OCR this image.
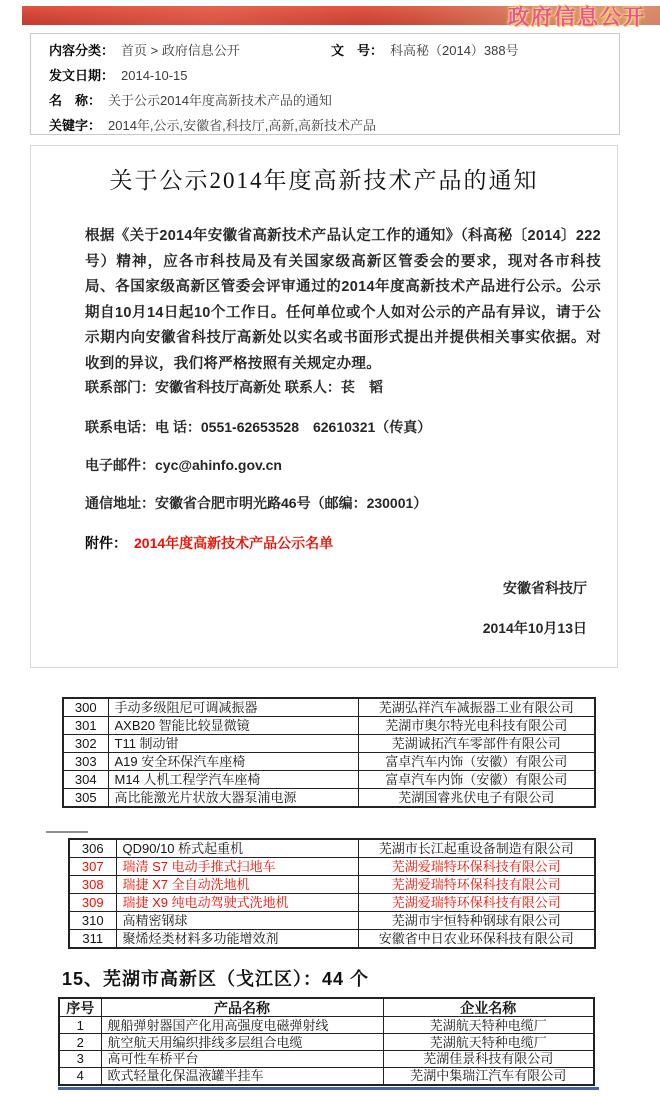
政府信息公开
内容分类： 首页 > 政府信息公开	文　号： 科高秘（2014）388号
发文日期： 2014-10-15
名　称： 关于公示2014年度高新技术产品的通知
关键字： 2014年,公示,安徽省,科技厅,高新,高新技术产品
关于公示2014年度高新技术产品的通知

根据《关于2014年安徽省高新技术产品认定工作的通知》（科高秘〔2014〕222号）精神，应各市科技局及有关国家级高新区管委会的要求，现对各市科技局、各国家级高新区管委会评审通过的2014年度高新技术产品进行公示。公示期自10月14日起10个工作日。任何单位或个人如对公示的产品有异议，请于公示期内向安徽省科技厅高新处以实名或书面形式提出并提供相关事实依据。对收到的异议，我们将严格按照有关规定办理。

联系部门：安徽省科技厅高新处 联系人：苌　韬
联系电话：电 话：0551-62653528　62610321（传真）
电子邮件：cyc@ahinfo.gov.cn
通信地址：安徽省合肥市明光路46号（邮编：230001）
附件： 2014年度高新技术产品公示名单
安徽省科技厅
2014年10月13日
300	手动多级阻尼可调减振器	芜湖弘祥汽车减振器工业有限公司
301	AXB20 智能比较显微镜	芜湖市奥尔特光电科技有限公司
302	T11 制动钳	芜湖诚拓汽车零部件有限公司
303	A19 安全环保汽车座椅	富卓汽车内饰（安徽）有限公司
304	M14 人机工程学汽车座椅	富卓汽车内饰（安徽）有限公司
305	高比能激光片状放大器泵浦电源	芜湖国睿兆伏电子有限公司
306	QD90/10 桥式起重机	芜湖市长江起重设备制造有限公司
307	瑞清 S7 电动手推式扫地车	芜湖爱瑞特环保科技有限公司
308	瑞捷 X7 全自动洗地机	芜湖爱瑞特环保科技有限公司
309	瑞捷 X9 纯电动驾驶式洗地机	芜湖爱瑞特环保科技有限公司
310	高精密钢球	芜湖市宇恒特种钢球有限公司
311	聚烯烃类材料多功能增效剂	安徽省中日农业环保科技有限公司
15、芜湖市高新区（戈江区）：44 个
序号	产品名称	企业名称
1	舰船弹射器国产化用高强度电磁弹射线	芜湖航天特种电缆厂
2	航空航天用编织排线多层组合电缆	芜湖航天特种电缆厂
3	高可性车桥平台	芜湖佳景科技有限公司
4	欧式轻量化保温液罐半挂车	芜湖中集瑞江汽车有限公司
